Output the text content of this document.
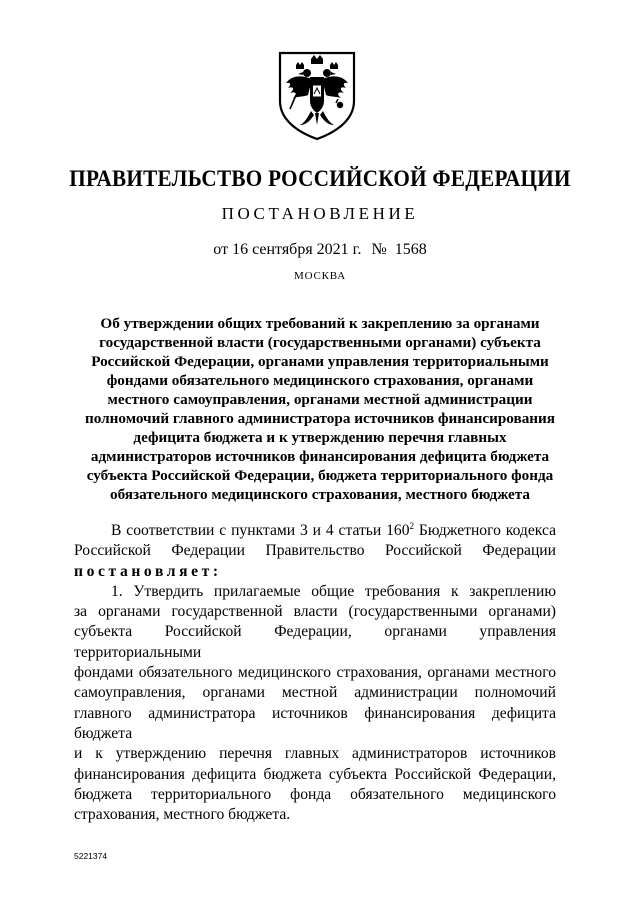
ПРАВИТЕЛЬСТВО РОССИЙСКОЙ ФЕДЕРАЦИИ
ПОСТАНОВЛЕНИЕ
от 16 сентября 2021 г. № 1568
МОСКВА
Об утверждении общих требований к закреплению за органами
государственной власти (государственными органами) субъекта
Российской Федерации, органами управления территориальными
фондами обязательного медицинского страхования, органами
местного самоуправления, органами местной администрации
полномочий главного администратора источников финансирования
дефицита бюджета и к утверждению перечня главных
администраторов источников финансирования дефицита бюджета
субъекта Российской Федерации, бюджета территориального фонда
обязательного медицинского страхования, местного бюджета
В соответствии с пунктами 3 и 4 статьи $160^2$ Бюджетного кодекса
Российской Федерации Правительство Российской Федерации
постановляет:
1. Утвердить прилагаемые общие требования к закреплению
за органами государственной власти (государственными органами)
субъекта Российской Федерации, органами управления территориальными
фондами обязательного медицинского страхования, органами местного
самоуправления, органами местной администрации полномочий
главного администратора источников финансирования дефицита бюджета
и к утверждению перечня главных администраторов источников
финансирования дефицита бюджета субъекта Российской Федерации,
бюджета территориального фонда обязательного медицинского
страхования, местного бюджета.
5221374
